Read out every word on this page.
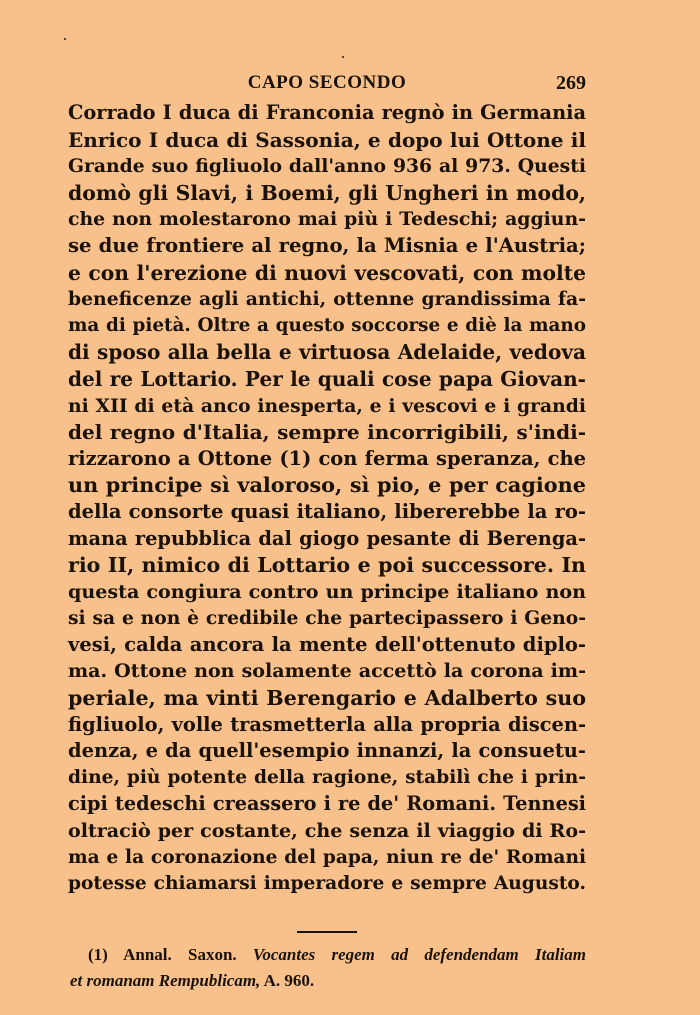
CAPO SECONDO	269
Corrado I duca di Franconia regnò in Germania
Enrico I duca di Sassonia, e dopo lui Ottone il
Grande suo figliuolo dall'anno 936 al 973. Questi
domò gli Slavi, i Boemi, gli Ungheri in modo,
che non molestarono mai più i Tedeschi; aggiun-
se due frontiere al regno, la Misnia e l'Austria;
e con l'erezione di nuovi vescovati, con molte
beneficenze agli antichi, ottenne grandissima fa-
ma di pietà. Oltre a questo soccorse e diè la mano
di sposo alla bella e virtuosa Adelaide, vedova
del re Lottario. Per le quali cose papa Giovan-
ni XII di età anco inesperta, e i vescovi e i grandi
del regno d'Italia, sempre incorrigibili, s'indi-
rizzarono a Ottone (1) con ferma speranza, che
un principe sì valoroso, sì pio, e per cagione
della consorte quasi italiano, libererebbe la ro-
mana repubblica dal giogo pesante di Berenga-
rio II, nimico di Lottario e poi successore. In
questa congiura contro un principe italiano non
si sa e non è credibile che partecipassero i Geno-
vesi, calda ancora la mente dell'ottenuto diplo-
ma. Ottone non solamente accettò la corona im-
periale, ma vinti Berengario e Adalberto suo
figliuolo, volle trasmetterla alla propria discen-
denza, e da quell'esempio innanzi, la consuetu-
dine, più potente della ragione, stabilì che i prin-
cipi tedeschi creassero i re de' Romani. Tennesi
oltraciò per costante, che senza il viaggio di Ro-
ma e la coronazione del papa, niun re de' Romani
potesse chiamarsi imperadore e sempre Augusto.
(1) Annal. Saxon. Vocantes regem ad defendendam Italiam
et romanam Rempublicam, A. 960.
